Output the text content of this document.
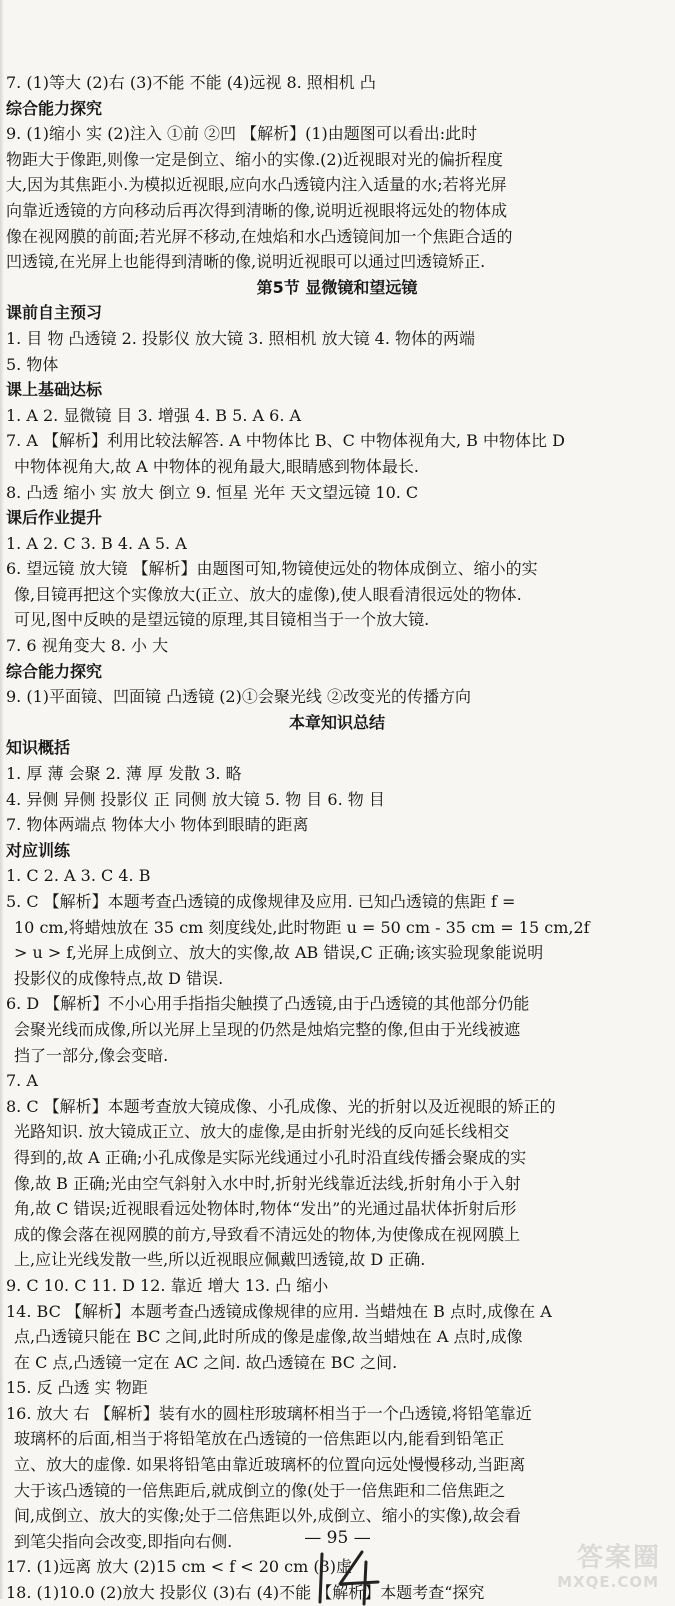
7. (1)等大 (2)右 (3)不能 不能 (4)远视 8. 照相机 凸
综合能力探究
9. (1)缩小 实 (2)注入 ①前 ②凹 【解析】(1)由题图可以看出:此时
物距大于像距,则像一定是倒立、缩小的实像.(2)近视眼对光的偏折程度
大,因为其焦距小.为模拟近视眼,应向水凸透镜内注入适量的水;若将光屏
向靠近透镜的方向移动后再次得到清晰的像,说明近视眼将远处的物体成
像在视网膜的前面;若光屏不移动,在烛焰和水凸透镜间加一个焦距合适的
凹透镜,在光屏上也能得到清晰的像,说明近视眼可以通过凹透镜矫正.
第5节 显微镜和望远镜
课前自主预习
1. 目 物 凸透镜 2. 投影仪 放大镜 3. 照相机 放大镜 4. 物体的两端
5. 物体
课上基础达标
1. A 2. 显微镜 目 3. 增强 4. B 5. A 6. A
7. A 【解析】利用比较法解答. A 中物体比 B、C 中物体视角大, B 中物体比 D
中物体视角大,故 A 中物体的视角最大,眼睛感到物体最长.
8. 凸透 缩小 实 放大 倒立 9. 恒星 光年 天文望远镜 10. C
课后作业提升
1. A 2. C 3. B 4. A 5. A
6. 望远镜 放大镜 【解析】由题图可知,物镜使远处的物体成倒立、缩小的实
像,目镜再把这个实像放大(正立、放大的虚像),使人眼看清很远处的物体.
可见,图中反映的是望远镜的原理,其目镜相当于一个放大镜.
7. 6 视角变大 8. 小 大
综合能力探究
9. (1)平面镜、凹面镜 凸透镜 (2)①会聚光线 ②改变光的传播方向
本章知识总结
知识概括
1. 厚 薄 会聚 2. 薄 厚 发散 3. 略
4. 异侧 异侧 投影仪 正 同侧 放大镜 5. 物 目 6. 物 目
7. 物体两端点 物体大小 物体到眼睛的距离
对应训练
1. C 2. A 3. C 4. B
5. C 【解析】本题考查凸透镜的成像规律及应用. 已知凸透镜的焦距 f =
10 cm,将蜡烛放在 35 cm 刻度线处,此时物距 u = 50 cm - 35 cm = 15 cm,2f
> u > f,光屏上成倒立、放大的实像,故 AB 错误,C 正确;该实验现象能说明
投影仪的成像特点,故 D 错误.
6. D 【解析】不小心用手指指尖触摸了凸透镜,由于凸透镜的其他部分仍能
会聚光线而成像,所以光屏上呈现的仍然是烛焰完整的像,但由于光线被遮
挡了一部分,像会变暗.
7. A
8. C 【解析】本题考查放大镜成像、小孔成像、光的折射以及近视眼的矫正的
光路知识. 放大镜成正立、放大的虚像,是由折射光线的反向延长线相交
得到的,故 A 正确;小孔成像是实际光线通过小孔时沿直线传播会聚成的实
像,故 B 正确;光由空气斜射入水中时,折射光线靠近法线,折射角小于入射
角,故 C 错误;近视眼看远处物体时,物体“发出”的光通过晶状体折射后形
成的像会落在视网膜的前方,导致看不清远处的物体,为使像成在视网膜上
上,应让光线发散一些,所以近视眼应佩戴凹透镜,故 D 正确.
9. C 10. C 11. D 12. 靠近 增大 13. 凸 缩小
14. BC 【解析】本题考查凸透镜成像规律的应用. 当蜡烛在 B 点时,成像在 A
点,凸透镜只能在 BC 之间,此时所成的像是虚像,故当蜡烛在 A 点时,成像
在 C 点,凸透镜一定在 AC 之间. 故凸透镜在 BC 之间.
15. 反 凸透 实 物距
16. 放大 右 【解析】装有水的圆柱形玻璃杯相当于一个凸透镜,将铅笔靠近
玻璃杯的后面,相当于将铅笔放在凸透镜的一倍焦距以内,能看到铅笔正
立、放大的虚像. 如果将铅笔由靠近玻璃杯的位置向远处慢慢移动,当距离
大于该凸透镜的一倍焦距后,就成倒立的像(处于一倍焦距和二倍焦距之
间,成倒立、放大的实像;处于二倍焦距以外,成倒立、缩小的实像),故会看
到笔尖指向会改变,即指向右侧.
17. (1)远离 放大 (2)15 cm < f < 20 cm (3)虚
18. (1)10.0 (2)放大 投影仪 (3)右 (4)不能 【解析】本题考查“探究
— 95 —
答案圈
MXQE.COM
